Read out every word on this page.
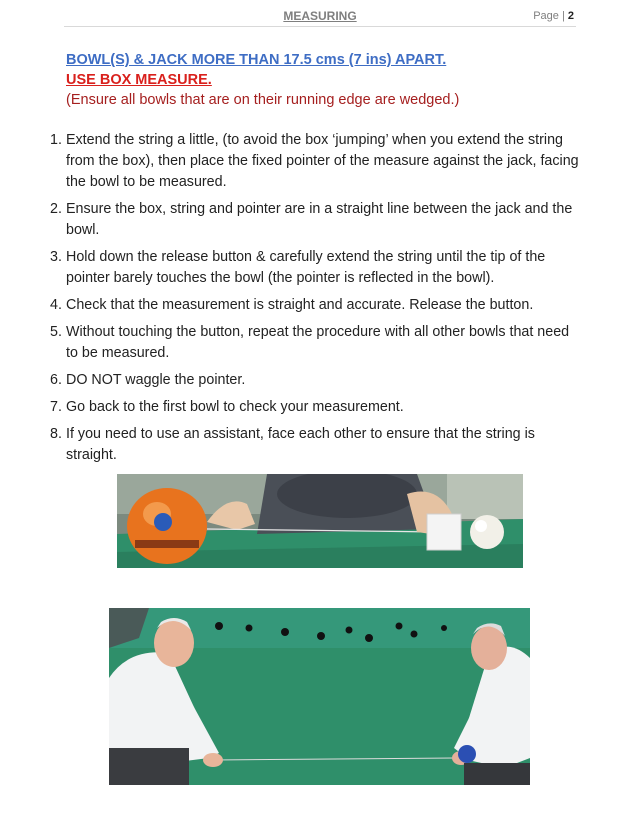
MEASURING	Page | 2
BOWL(S) & JACK MORE THAN 17.5 cms (7 ins) APART.
USE BOX MEASURE.
(Ensure all bowls that are on their running edge are wedged.)
1. Extend the string a little, (to avoid the box ‘jumping’ when you extend the string from the box), then place the fixed pointer of the measure against the jack, facing the bowl to be measured.
2. Ensure the box, string and pointer are in a straight line between the jack and the bowl.
3. Hold down the release button & carefully extend the string until the tip of the pointer barely touches the bowl (the pointer is reflected in the bowl).
4. Check that the measurement is straight and accurate. Release the button.
5. Without touching the button, repeat the procedure with all other bowls that need to be measured.
6. DO NOT waggle the pointer.
7. Go back to the first bowl to check your measurement.
8. If you need to use an assistant, face each other to ensure that the string is straight.
